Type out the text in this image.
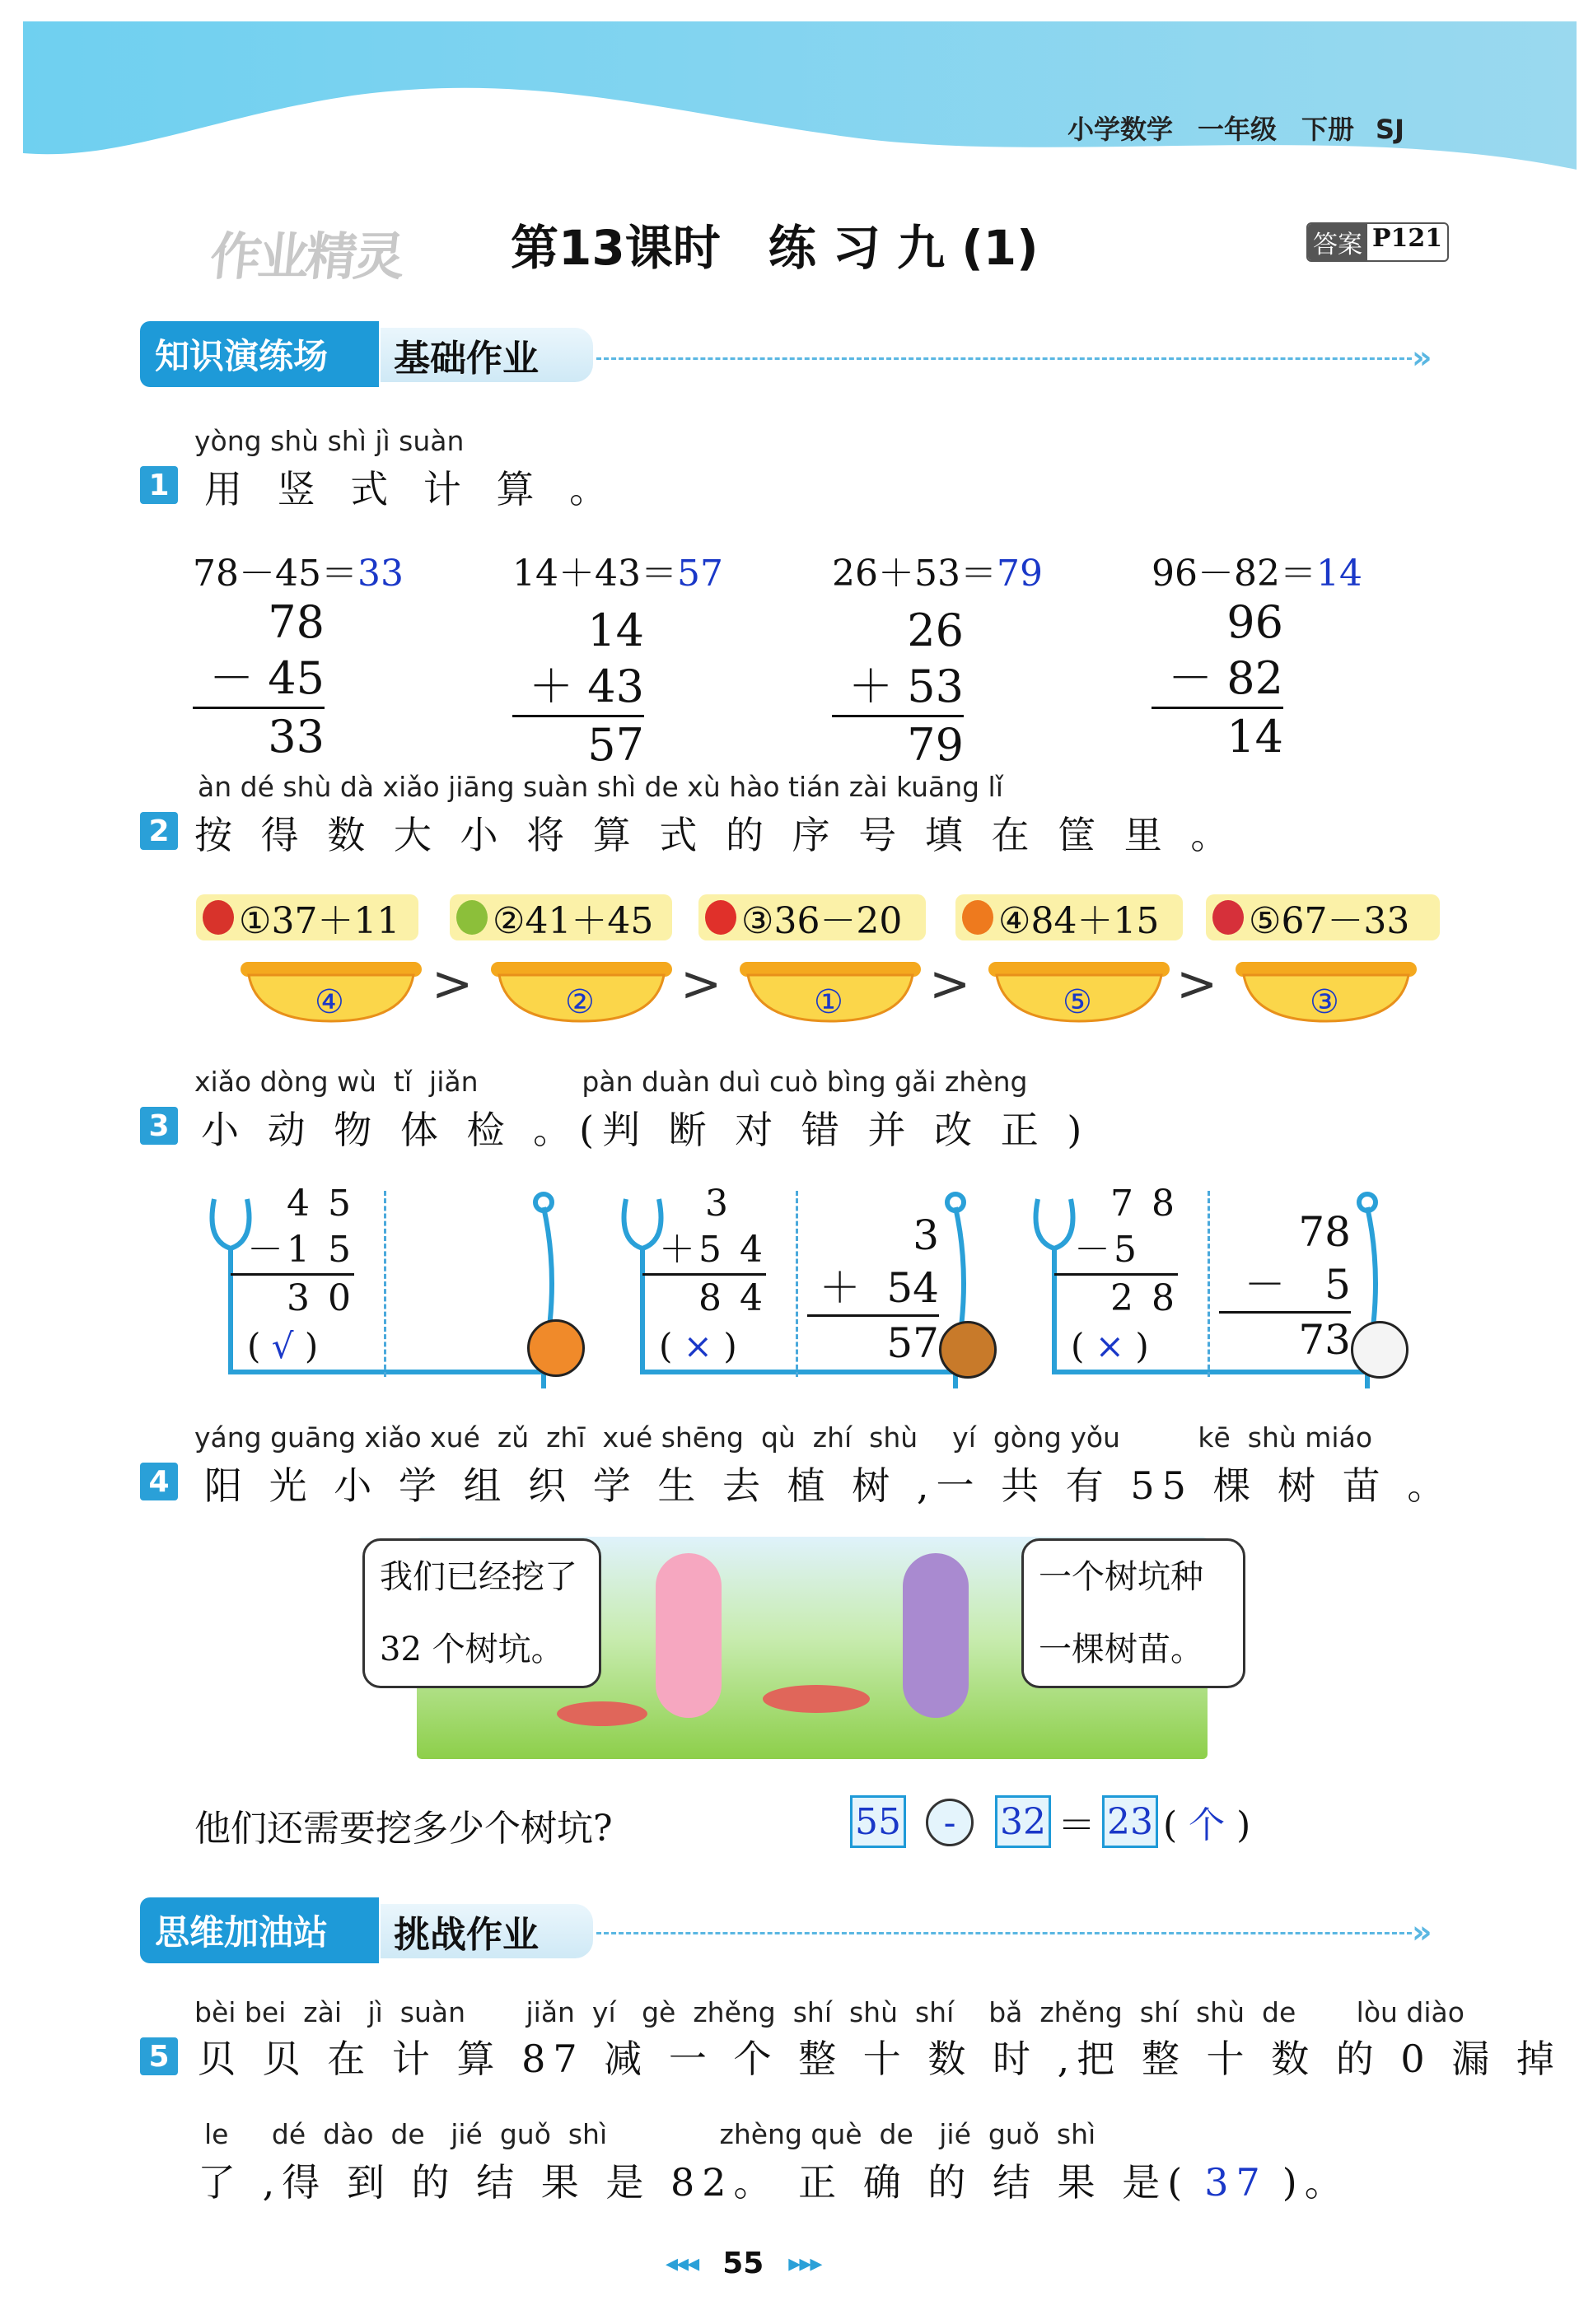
小学数学 一年级 下册 SJ
作业精灵 第13课时　练 习 九 (1)	答案 P121
知识演练场	基础作业	»
yòng shù shì jì suàn
1 用 竖 式 计 算 。
78－45＝33
78
－ 45
33
14＋43＝57
14
＋ 43
57
26＋53＝79
26
＋ 53
79
96－82＝14
96
－ 82
14
àn dé shù dà xiǎo jiāng suàn shì de xù hào tián zài kuāng lǐ
2 按 得 数 大 小 将 算 式 的 序 号 填 在 筐 里 。
①37＋11	②41＋45 ③36－20	④84＋15 ⑤67－33
④ >	② >	① >	⑤ >	③
xiǎo dòng wù  tǐ  jiǎn            pàn duàn duì cuò bìng gǎi zhèng
3 小 动 物 体 检 。(判 断 对 错 并 改 正 )
4 5
－1 5
3 0
( √ )
3
＋5 4
8 4
( × )
3
＋  54
57
7 8
－5
2 8
( × )
78
－   5
73
yáng guāng xiǎo xué  zǔ  zhī  xué shēng  qù  zhí  shù    yí  gòng yǒu         kē  shù miáo
4 阳 光 小 学 组 织 学 生 去 植 树 ,一 共 有 55 棵 树 苗 。
我们已经挖了
32 个树坑。
一个树坑种
一棵树苗。
他们还需要挖多少个树坑?	55	-	32 ＝ 23 ( 个 )
思维加油站	挑战作业	»
bèi bei  zài   jì  suàn       jiǎn  yí   gè  zhěng  shí  shù  shí    bǎ  zhěng  shí  shù  de       lòu diào
5 贝 贝 在 计 算 87 减 一 个 整 十 数 时 ,把 整 十 数 的 0 漏 掉
le     dé  dào  de   jié  guǒ  shì             zhèng què  de   jié  guǒ  shì
了 ,得 到 的 结 果 是 82。 正 确 的 结 果 是( 37 )。
◂◂◂ 55 ▸▸▸
